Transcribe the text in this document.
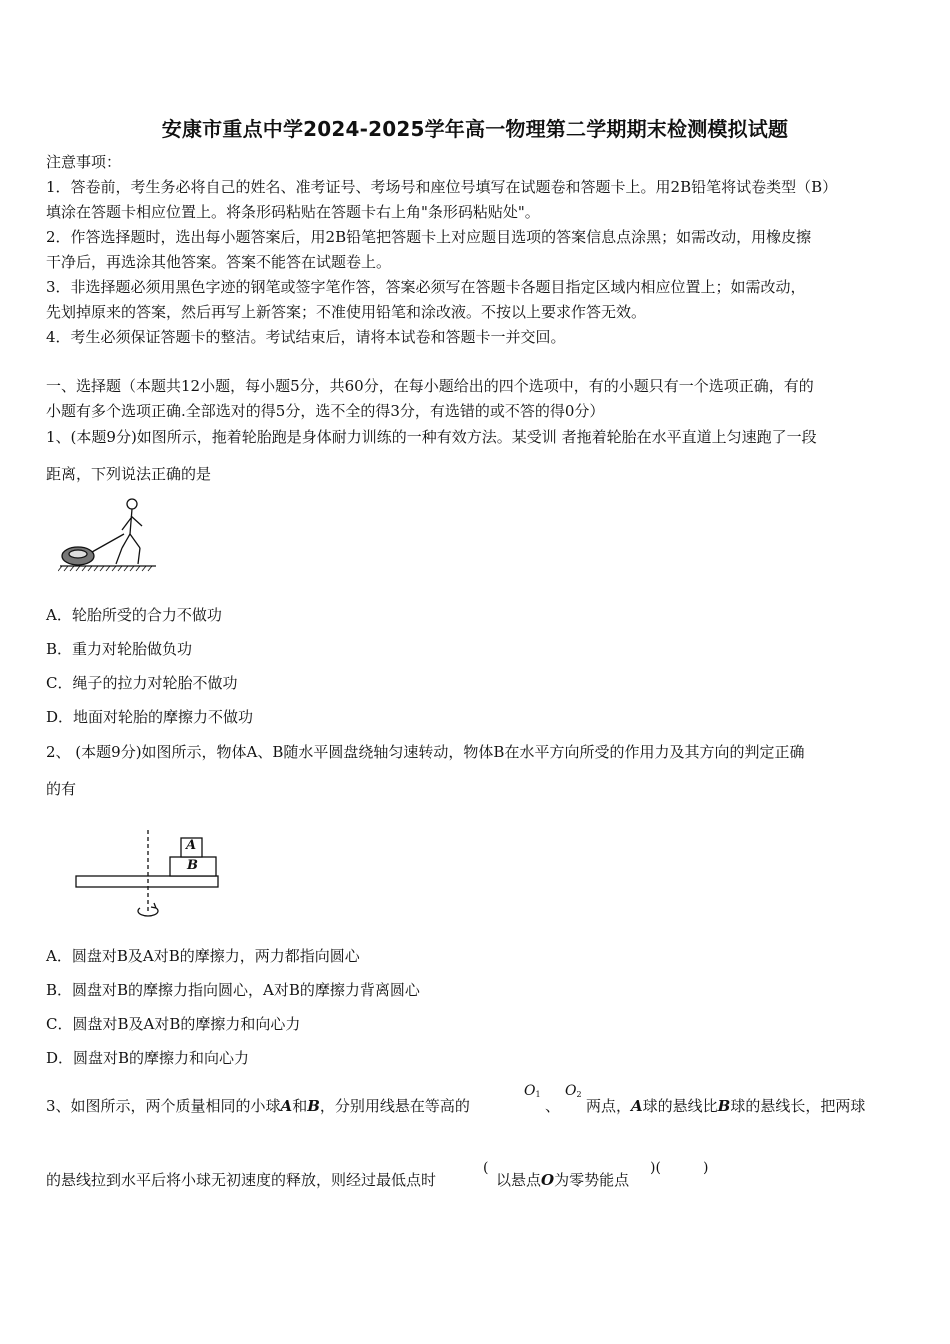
安康市重点中学2024-2025学年高一物理第二学期期末检测模拟试题
注意事项：
1．答卷前，考生务必将自己的姓名、准考证号、考场号和座位号填写在试题卷和答题卡上。用2B铅笔将试卷类型（B）
填涂在答题卡相应位置上。将条形码粘贴在答题卡右上角"条形码粘贴处"。
2．作答选择题时，选出每小题答案后，用2B铅笔把答题卡上对应题目选项的答案信息点涂黑；如需改动，用橡皮擦
干净后，再选涂其他答案。答案不能答在试题卷上。
3．非选择题必须用黑色字迹的钢笔或签字笔作答，答案必须写在答题卡各题目指定区域内相应位置上；如需改动，
先划掉原来的答案，然后再写上新答案；不准使用铅笔和涂改液。不按以上要求作答无效。
4．考生必须保证答题卡的整洁。考试结束后，请将本试卷和答题卡一并交回。
一、选择题（本题共12小题，每小题5分，共60分，在每小题给出的四个选项中，有的小题只有一个选项正确，有的
小题有多个选项正确.全部选对的得5分，选不全的得3分，有选错的或不答的得0分）
1、(本题9分)如图所示，拖着轮胎跑是身体耐力训练的一种有效方法。某受训 者拖着轮胎在水平直道上匀速跑了一段
距离，下列说法正确的是
A．轮胎所受的合力不做功
B．重力对轮胎做负功
C．绳子的拉力对轮胎不做功
D．地面对轮胎的摩擦力不做功
2、 (本题9分)如图所示，物体A、B随水平圆盘绕轴匀速转动，物体B在水平方向所受的作用力及其方向的判定正确
的有
A
B
A．圆盘对B及A对B的摩擦力，两力都指向圆心
B．圆盘对B的摩擦力指向圆心，A对B的摩擦力背离圆心
C．圆盘对B及A对B的摩擦力和向心力
D．圆盘对B的摩擦力和向心力
3、如图所示，两个质量相同的小球A和B，分别用线悬在等高的
$O_1$
、
$O_2$
两点，A球的悬线比B球的悬线长，把两球
的悬线拉到水平后将小球无初速度的释放，则经过最低点时
(
以悬点O为零势能点
)(	)
